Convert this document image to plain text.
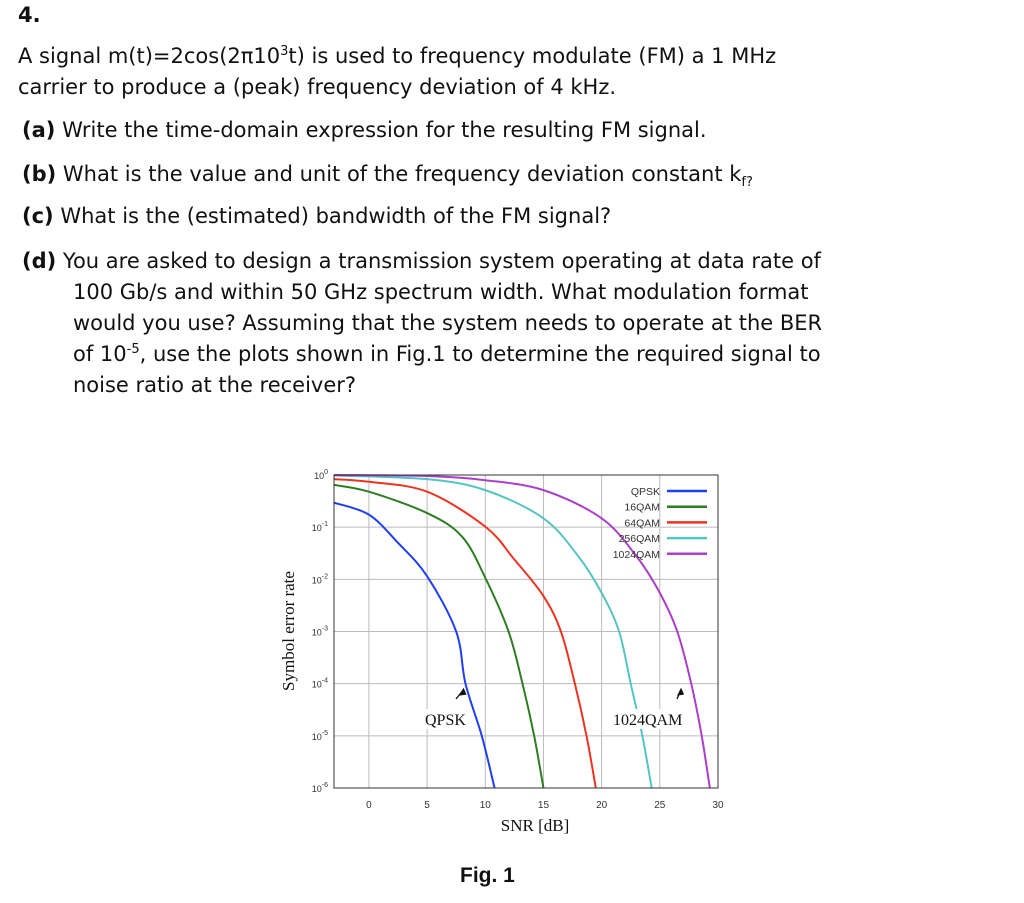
4.
A signal $m(t)=2\cos(2\pi 10^3t)$ is used to frequency modulate (FM) a 1 MHz
carrier to produce a (peak) frequency deviation of 4 kHz.
(a) Write the time-domain expression for the resulting FM signal.
(b) What is the value and unit of the frequency deviation constant $k_{f?}$
(c) What is the (estimated) bandwidth of the FM signal?
(d) You are asked to design a transmission system operating at data rate of
100 Gb/s and within 50 GHz spectrum width. What modulation format
would you use? Assuming that the system needs to operate at the BER
of $10^{-5}$, use the plots shown in Fig.1 to determine the required signal to
noise ratio at the receiver?
0	5	10	15	20	25	30
$10^0$
$10^{-1}$
$10^{-2}$
$10^{-3}$
$10^{-4}$
$10^{-5}$
$10^{-6}$
QPSK
16QAM
64QAM
256QAM
1024QAM
QPSK	1024QAM
SNR [dB]
Symbol error rate
Fig. 1
